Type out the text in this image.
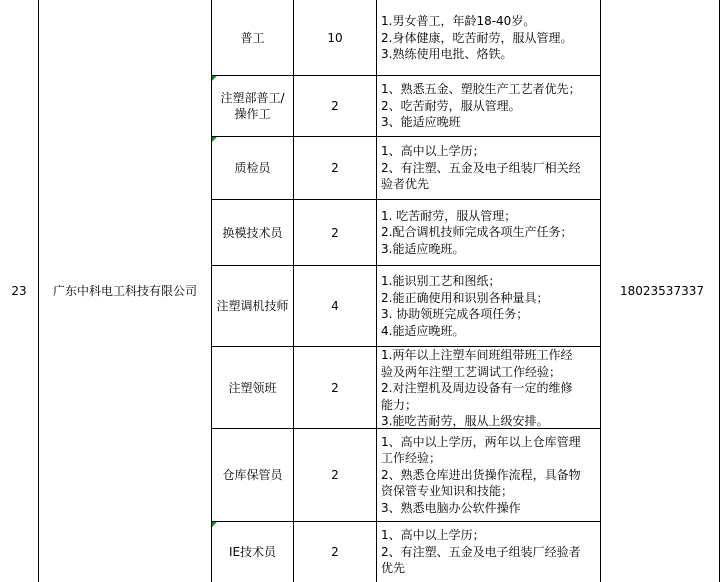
23 广东中科电工科技有限公司	18023537337
普工	10
1.男女普工，年龄18-40岁。
2.身体健康，吃苦耐劳，服从管理。
3.熟练使用电批、烙铁。
注塑部普工/
操作工
2
1、熟悉五金、塑胶生产工艺者优先；
2、吃苦耐劳，服从管理。
3、能适应晚班
质检员	2
1、高中以上学历；
2、有注塑、五金及电子组装厂相关经
验者优先
换模技术员	2
1. 吃苦耐劳，服从管理；
2.配合调机技师完成各项生产任务；
3.能适应晚班。
注塑调机技师	4
1.能识别工艺和图纸；
2.能正确使用和识别各种量具；
3. 协助领班完成各项任务；
4.能适应晚班。
注塑领班	2
1.两年以上注塑车间班组带班工作经
验及两年注塑工艺调试工作经验；
2.对注塑机及周边设备有一定的维修
能力；
3.能吃苦耐劳，服从上级安排。
仓库保管员	2
1、高中以上学历，两年以上仓库管理
工作经验；
2、熟悉仓库进出货操作流程，具备物
资保管专业知识和技能；
3、熟悉电脑办公软件操作
IE技术员	2
1、高中以上学历；
2、有注塑、五金及电子组装厂经验者
优先
